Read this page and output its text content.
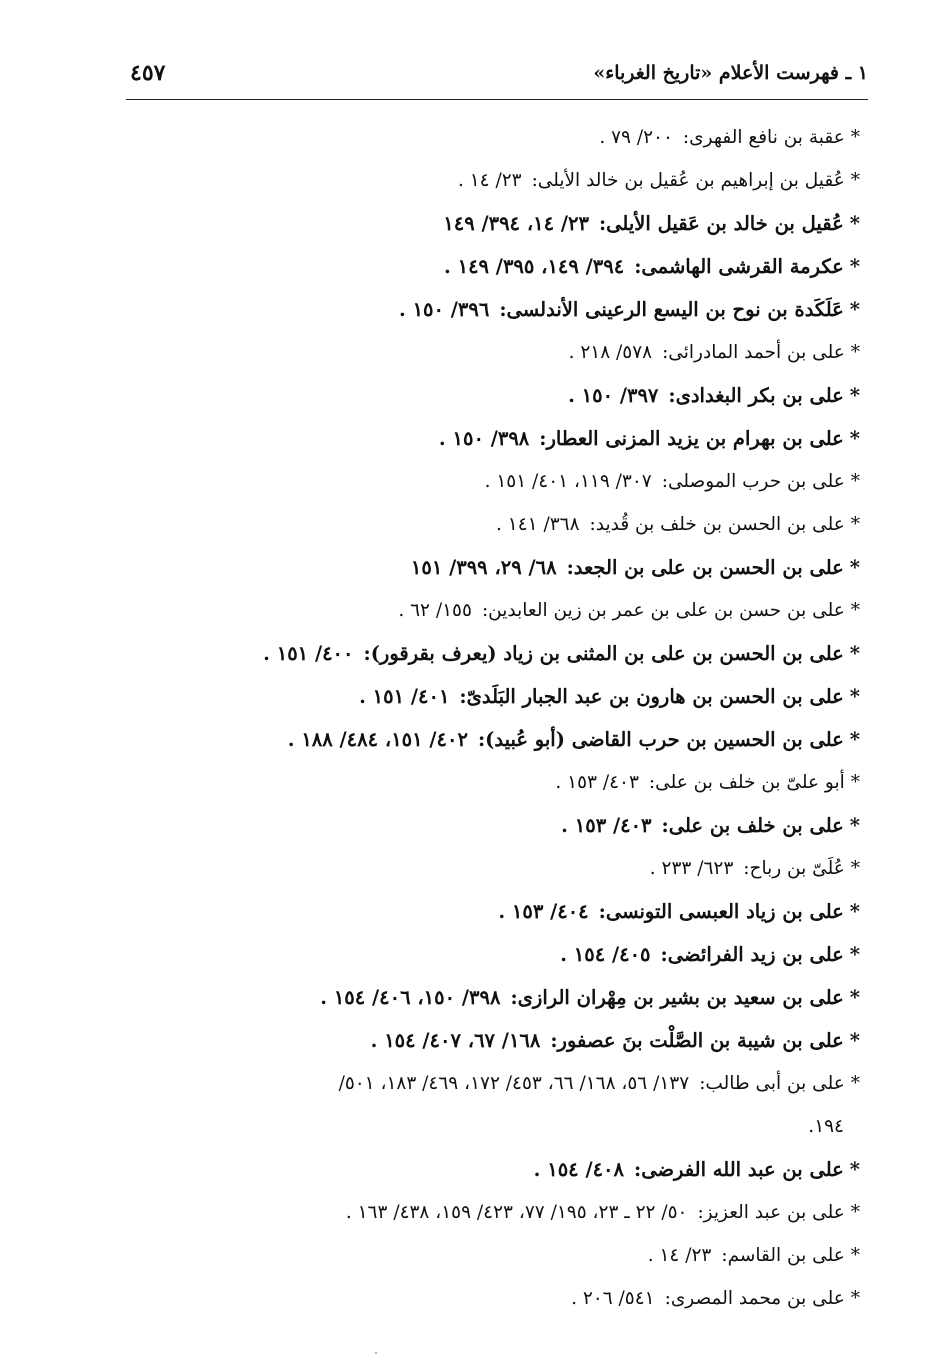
١ ـ فهرست الأعلام «تاريخ الغرباء»
٤٥٧
*عقبة بن نافع الفهرى:٢٠٠/ ٧٩ .
*عُقيل بن إبراهيم بن عُقيل بن خالد الأيلى:٢٣/ ١٤ .
*عُقيل بن خالد بن عَقيل الأيلى:٢٣/ ١٤، ٣٩٤/ ١٤٩
*عكرمة القرشى الهاشمى:٣٩٤/ ١٤٩، ٣٩٥/ ١٤٩ .
*عَلَكَدة بن نوح بن اليسع الرعينى الأندلسى:٣٩٦/ ١٥٠ .
*على بن أحمد المادرائى:٥٧٨/ ٢١٨ .
*على بن بكر البغدادى:٣٩٧/ ١٥٠ .
*على بن بهرام بن يزيد المزنى العطار:٣٩٨/ ١٥٠ .
*على بن حرب الموصلى:٣٠٧/ ١١٩، ٤٠١/ ١٥١ .
*على بن الحسن بن خلف بن قُديد:٣٦٨/ ١٤١ .
*على بن الحسن بن على بن الجعد:٦٨/ ٢٩، ٣٩٩/ ١٥١
*على بن حسن بن على بن عمر بن زين العابدين:١٥٥/ ٦٢ .
*على بن الحسن بن على بن المثنى بن زياد (يعرف بقرقور):٤٠٠/ ١٥١ .
*على بن الحسن بن هارون بن عبد الجبار البَلَدىّ:٤٠١/ ١٥١ .
*على بن الحسين بن حرب القاضى (أبو عُبيد):٤٠٢/ ١٥١، ٤٨٤/ ١٨٨ .
*أبو علىّ بن خلف بن على:٤٠٣/ ١٥٣ .
*على بن خلف بن على:٤٠٣/ ١٥٣ .
*عُلَىّ بن رباح:٦٢٣/ ٢٣٣ .
*على بن زياد العبسى التونسى:٤٠٤/ ١٥٣ .
*على بن زيد الفرائضى:٤٠٥/ ١٥٤ .
*على بن سعيد بن بشير بن مِهْران الرازى:٣٩٨/ ١٥٠، ٤٠٦/ ١٥٤ .
*على بن شيبة بن الصَّلْت بنَ عصفور:١٦٨/ ٦٧، ٤٠٧/ ١٥٤ .
*على بن أبى طالب:١٣٧/ ٥٦، ١٦٨/ ٦٦، ٤٥٣/ ١٧٢، ٤٦٩/ ١٨٣، ٥٠١/
١٩٤.
*على بن عبد الله الفرضى:٤٠٨/ ١٥٤ .
*على بن عبد العزيز:٥٠/ ٢٢ ـ ٢٣، ١٩٥/ ٧٧، ٤٢٣/ ١٥٩، ٤٣٨/ ١٦٣ .
*على بن القاسم:٢٣/ ١٤ .
*على بن محمد المصرى:٥٤١/ ٢٠٦ .
